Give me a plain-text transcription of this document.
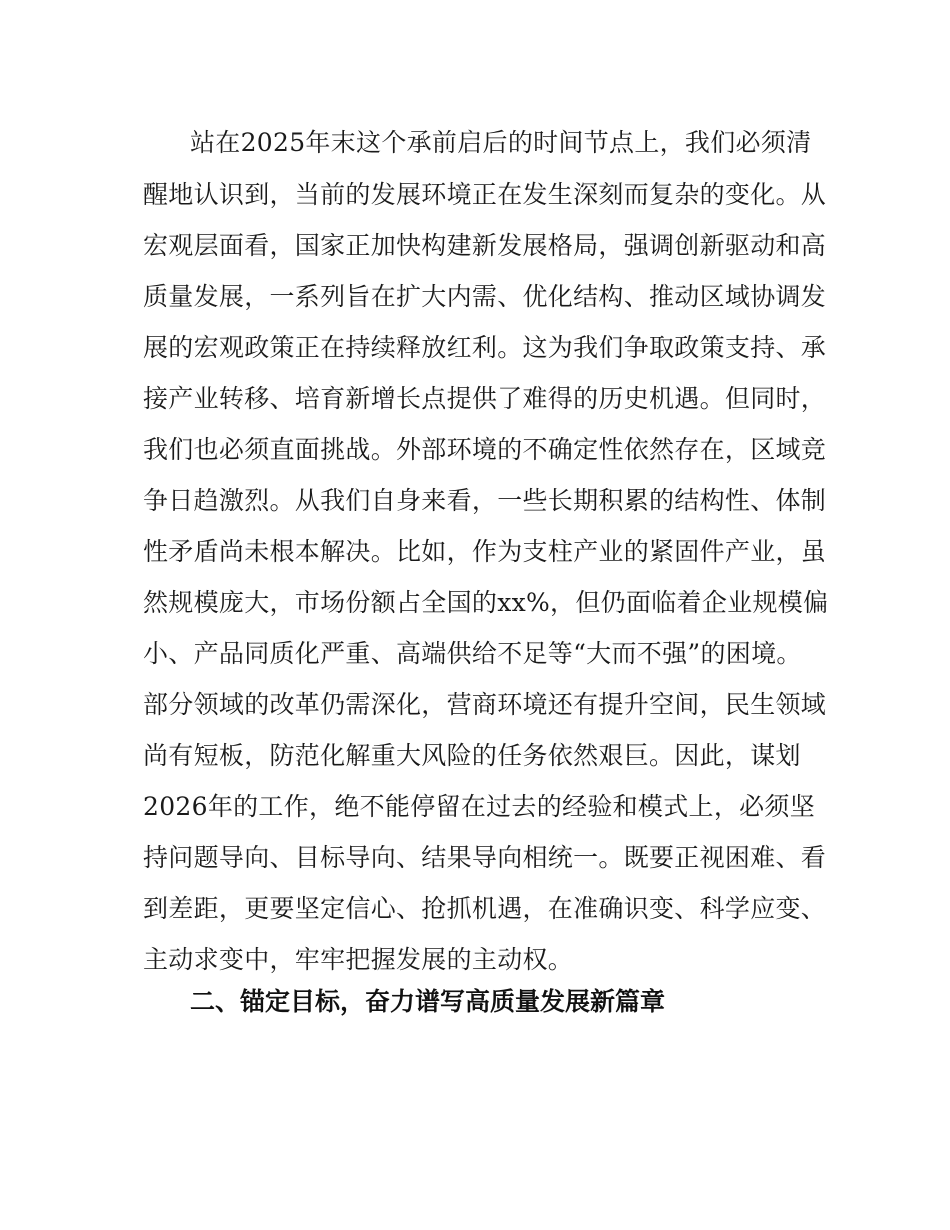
站在2025年末这个承前启后的时间节点上，我们必须清
醒地认识到，当前的发展环境正在发生深刻而复杂的变化。从
宏观层面看，国家正加快构建新发展格局，强调创新驱动和高
质量发展，一系列旨在扩大内需、优化结构、推动区域协调发
展的宏观政策正在持续释放红利。这为我们争取政策支持、承
接产业转移、培育新增长点提供了难得的历史机遇。但同时，
我们也必须直面挑战。外部环境的不确定性依然存在，区域竞
争日趋激烈。从我们自身来看，一些长期积累的结构性、体制
性矛盾尚未根本解决。比如，作为支柱产业的紧固件产业，虽
然规模庞大，市场份额占全国的xx%，但仍面临着企业规模偏
小、产品同质化严重、高端供给不足等“大而不强”的困境。
部分领域的改革仍需深化，营商环境还有提升空间，民生领域
尚有短板，防范化解重大风险的任务依然艰巨。因此，谋划
2026年的工作，绝不能停留在过去的经验和模式上，必须坚
持问题导向、目标导向、结果导向相统一。既要正视困难、看
到差距，更要坚定信心、抢抓机遇，在准确识变、科学应变、
主动求变中，牢牢把握发展的主动权。
二、锚定目标，奋力谱写高质量发展新篇章
